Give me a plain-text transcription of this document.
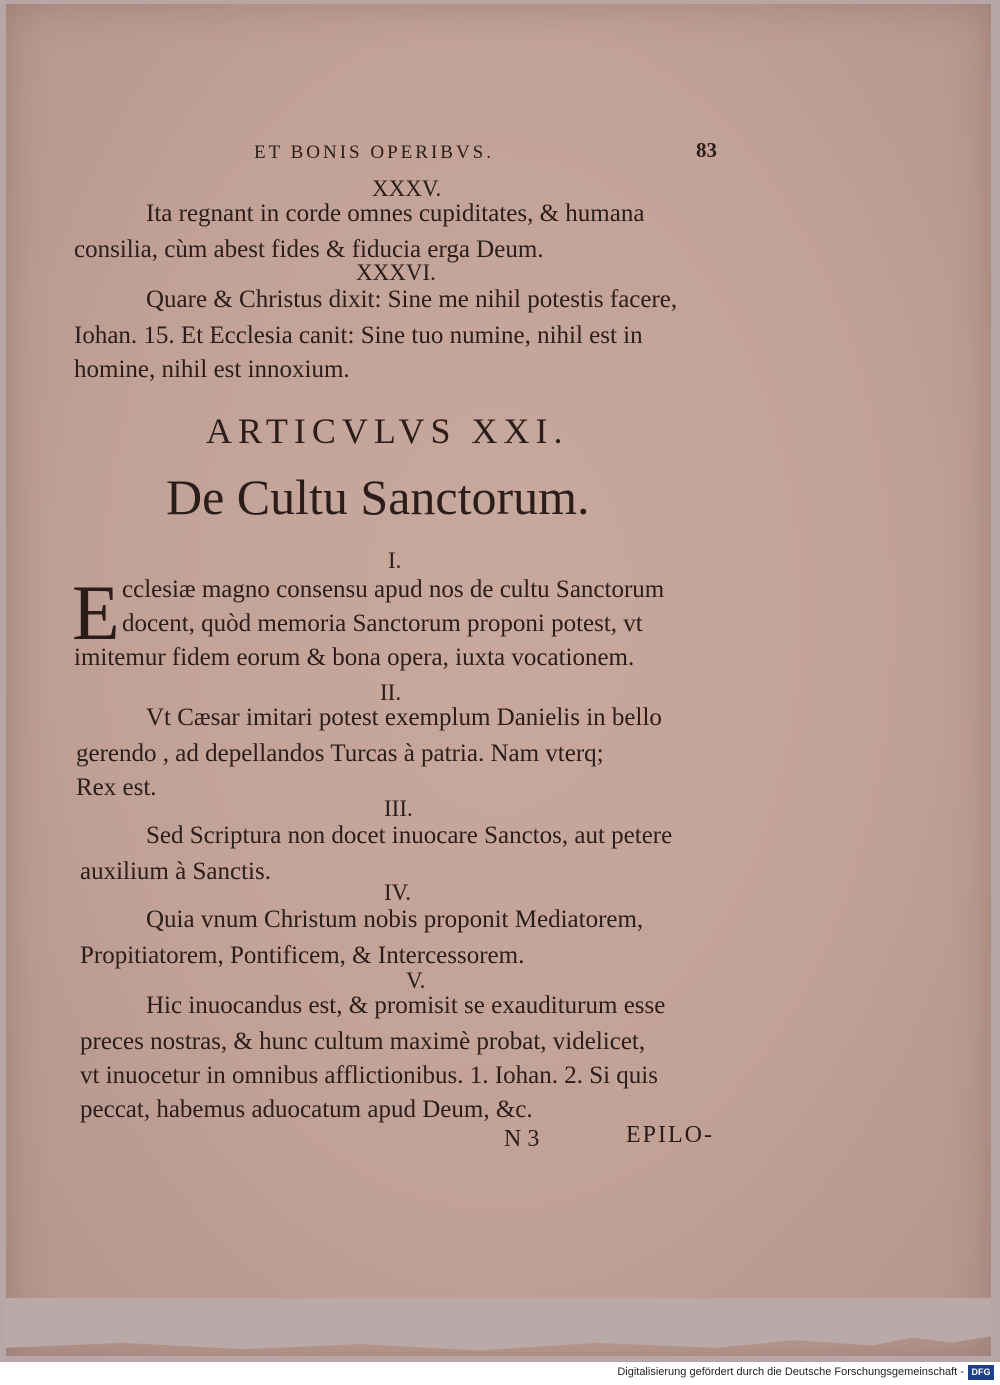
ET BONIS OPERIBVS.	83
XXXV.
Ita regnant in corde omnes cupiditates, & humana
consilia, cùm abest fides & fiducia erga Deum.
XXXVI.
Quare & Christus dixit: Sine me nihil potestis facere,
Iohan. 15. Et Ecclesia canit: Sine tuo numine, nihil est in
homine, nihil est innoxium.
ARTICVLVS XXI.
De Cultu Sanctorum.
I.
E cclesiæ magno consensu apud nos de cultu Sanctorum
docent, quòd memoria Sanctorum proponi potest, vt
imitemur fidem eorum & bona opera, iuxta vocationem.
II.
Vt Cæsar imitari potest exemplum Danielis in bello
gerendo , ad depellandos Turcas à patria. Nam vterq;
Rex est.
III.
Sed Scriptura non docet inuocare Sanctos, aut petere
auxilium à Sanctis.
IV.
Quia vnum Christum nobis proponit Mediatorem,
Propitiatorem, Pontificem, & Intercessorem.
V.
Hic inuocandus est, & promisit se exauditurum esse
preces nostras, & hunc cultum maximè probat, videlicet,
vt inuocetur in omnibus afflictionibus. 1. Iohan. 2. Si quis
peccat, habemus aduocatum apud Deum, &c.
N 3	EPILO-
Digitalisierung gefördert durch die Deutsche Forschungsgemeinschaft - DFG
